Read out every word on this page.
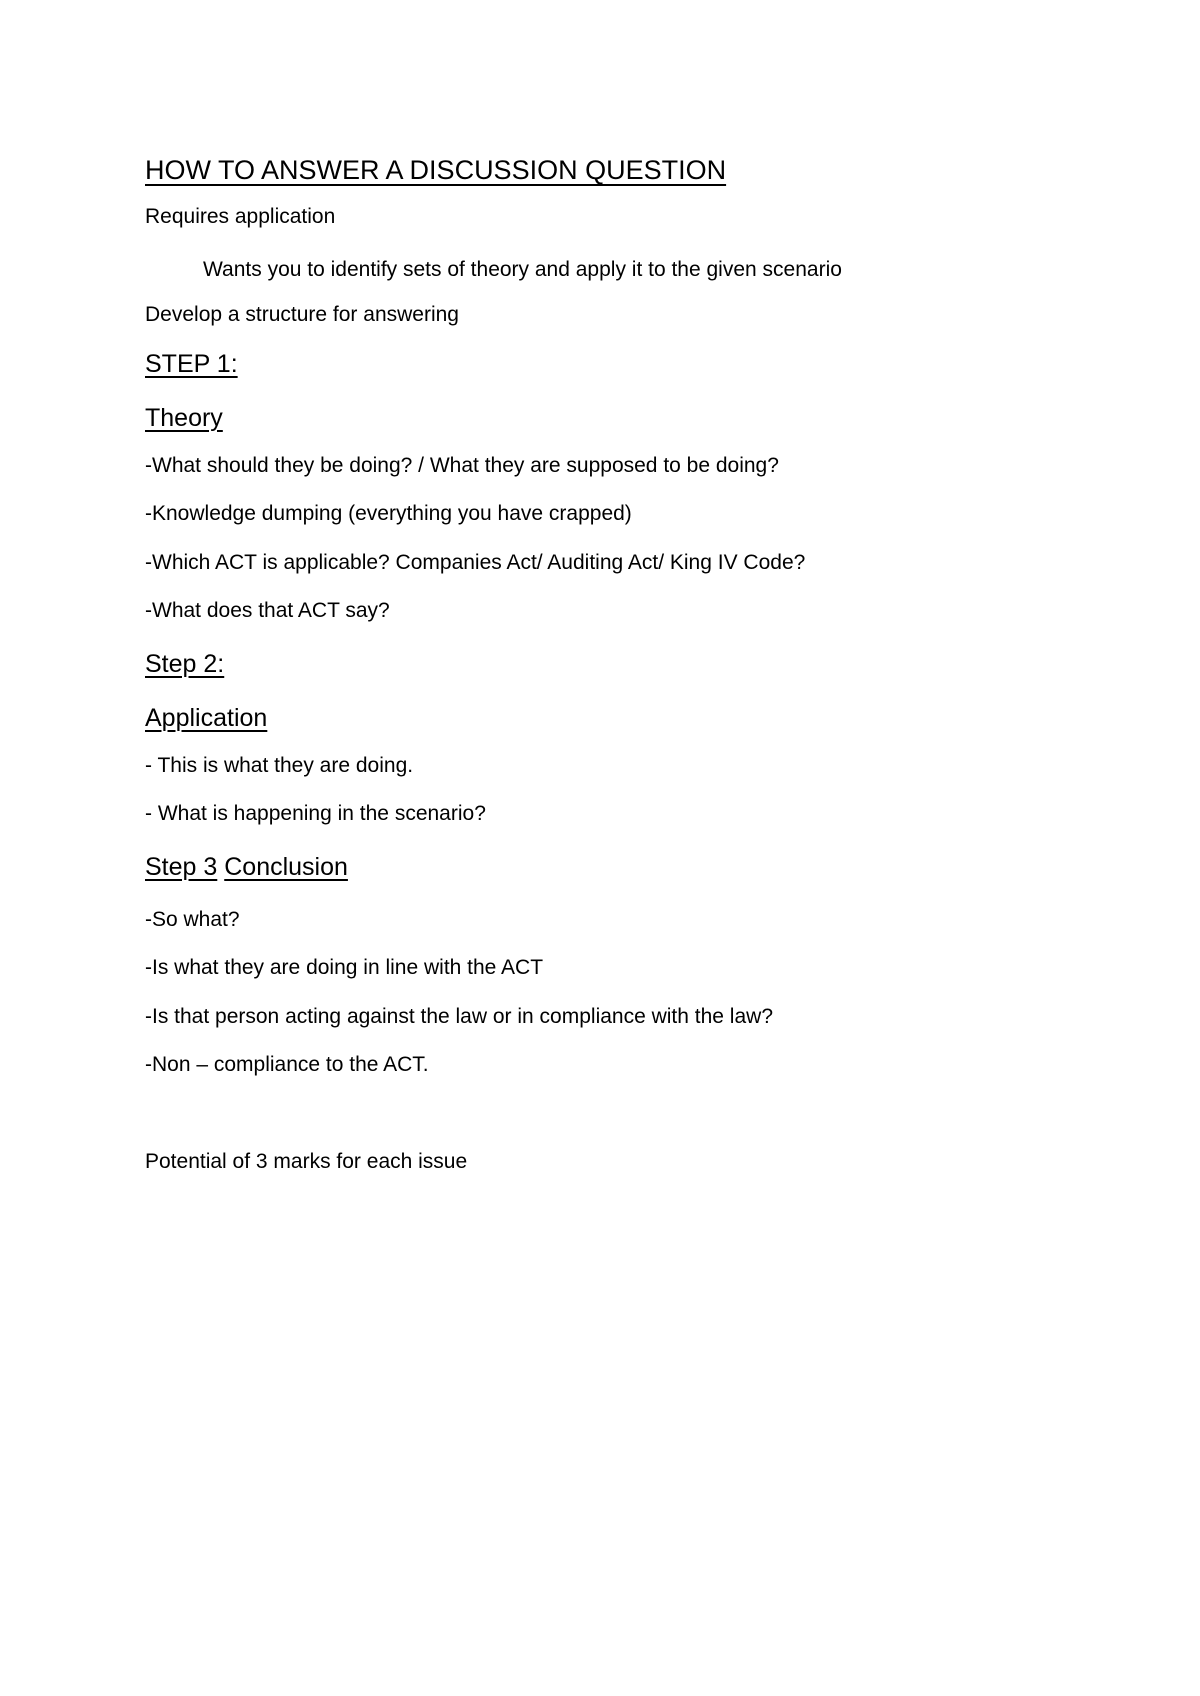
HOW TO ANSWER A DISCUSSION QUESTION
Requires application
Wants you to identify sets of theory and apply it to the given scenario
Develop a structure for answering
STEP 1:
Theory
-What should they be doing? / What they are supposed to be doing?
-Knowledge dumping (everything you have crapped)
-Which ACT is applicable? Companies Act/ Auditing Act/ King IV Code?
-What does that ACT say?
Step 2:
Application
- This is what they are doing.
- What is happening in the scenario?
Step 3 Conclusion
-So what?
-Is what they are doing in line with the ACT
-Is that person acting against the law or in compliance with the law?
-Non – compliance to the ACT.
Potential of 3 marks for each issue
